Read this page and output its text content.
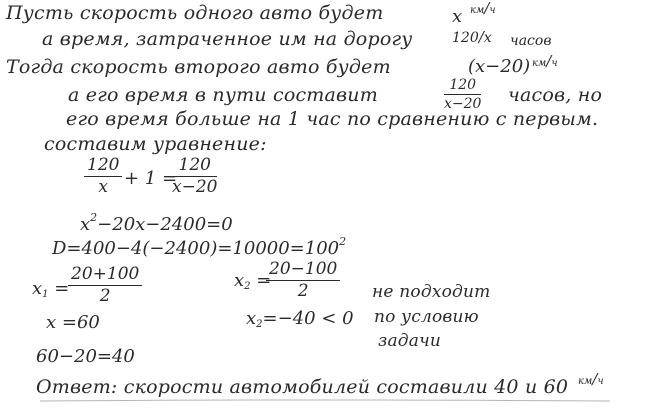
Пусть скорость одного авто будет	x км/ч
а время, затраченное им на дорогу	120/x часов
Тогда скорость второго авто будет	(x−20) км/ч
а его время в пути составит	$\frac{120}{x-20}$ часов, но
его время больше на 1 час по сравнению с первым.
составим уравнение:
$\frac{120}{x} + 1$ =
$\frac{120}{x-20}$
$x^2-20x-2400=0$
$D=400-4(-2400)=10000=100^2$
$x_1$ =
$\frac{20+100}{2}$	$x_2$ =
$\frac{20-100}{2}$
x =60	$x_2=-40 < 0$
не подходит
по условию
задачи
60−20=40
Ответ: скорости автомобилей составили 40 и 60 км/ч
